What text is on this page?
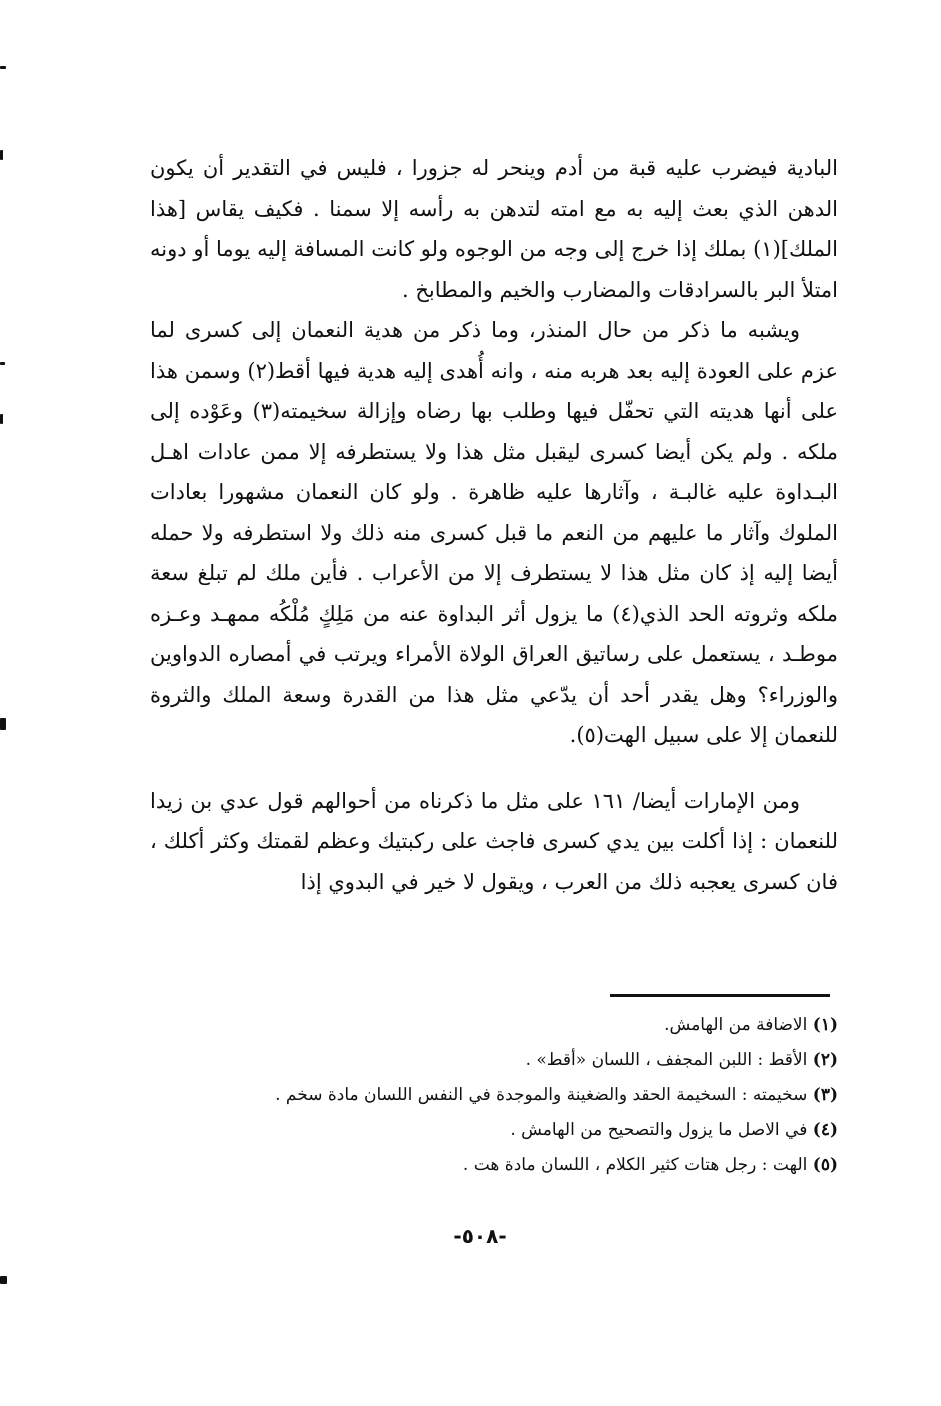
البادية فيضرب عليه قبة من أدم وينحر له جزورا ، فليس في التقدير أن يكون الدهن الذي بعث إليه به مع امته لتدهن به رأسه إلا سمنا . فكيف يقاس [هذا الملك](١) بملك إذا خرج إلى وجه من الوجوه ولو كانت المسافة إليه يوما أو دونه امتلأ البر بالسرادقات والمضارب والخيم والمطابخ .

ويشبه ما ذكر من حال المنذر، وما ذكر من هدية النعمان إلى كسرى لما عزم على العودة إليه بعد هربه منه ، وانه أُهدى إليه هدية فيها أقط(٢) وسمن هذا على أنها هديته التي تحفّل فيها وطلب بها رضاه وإزالة سخيمته(٣) وعَوْده إلى ملكه . ولم يكن أيضا كسرى ليقبل مثل هذا ولا يستطرفه إلا ممن عادات اهـل البـداوة عليه غالبـة ، وآثارها عليه ظاهرة . ولو كان النعمان مشهورا بعادات الملوك وآثار ما عليهم من النعم ما قبل كسرى منه ذلك ولا استطرفه ولا حمله أيضا إليه إذ كان مثل هذا لا يستطرف إلا من الأعراب . فأين ملك لم تبلغ سعة ملكه وثروته الحد الذي(٤) ما يزول أثر البداوة عنه من مَلِكٍ مُلْكُه ممهـد وعـزه موطـد ، يستعمل على رساتيق العراق الولاة الأمراء ويرتب في أمصاره الدواوين والوزراء؟ وهل يقدر أحد أن يدّعي مثل هذا من القدرة وسعة الملك والثروة للنعمان إلا على سبيل الهت(٥).

ومن الإمارات أيضا/ ١٦١ على مثل ما ذكرناه من أحوالهم قول عدي بن زيدا للنعمان : إذا أكلت بين يدي كسرى فاجث على ركبتيك وعظم لقمتك وكثر أكلك ، فان كسرى يعجبه ذلك من العرب ، ويقول لا خير في البدوي إذا

(١) الاضافة من الهامش.

(٢) الأقط : اللبن المجفف ، اللسان «أقط» .

(٣) سخيمته : السخيمة الحقد والضغينة والموجدة في النفس اللسان مادة سخم .

(٤) في الاصل ما يزول والتصحيح من الهامش .

(٥) الهت : رجل هتات كثير الكلام ، اللسان مادة هت .

-٥٠٨-
